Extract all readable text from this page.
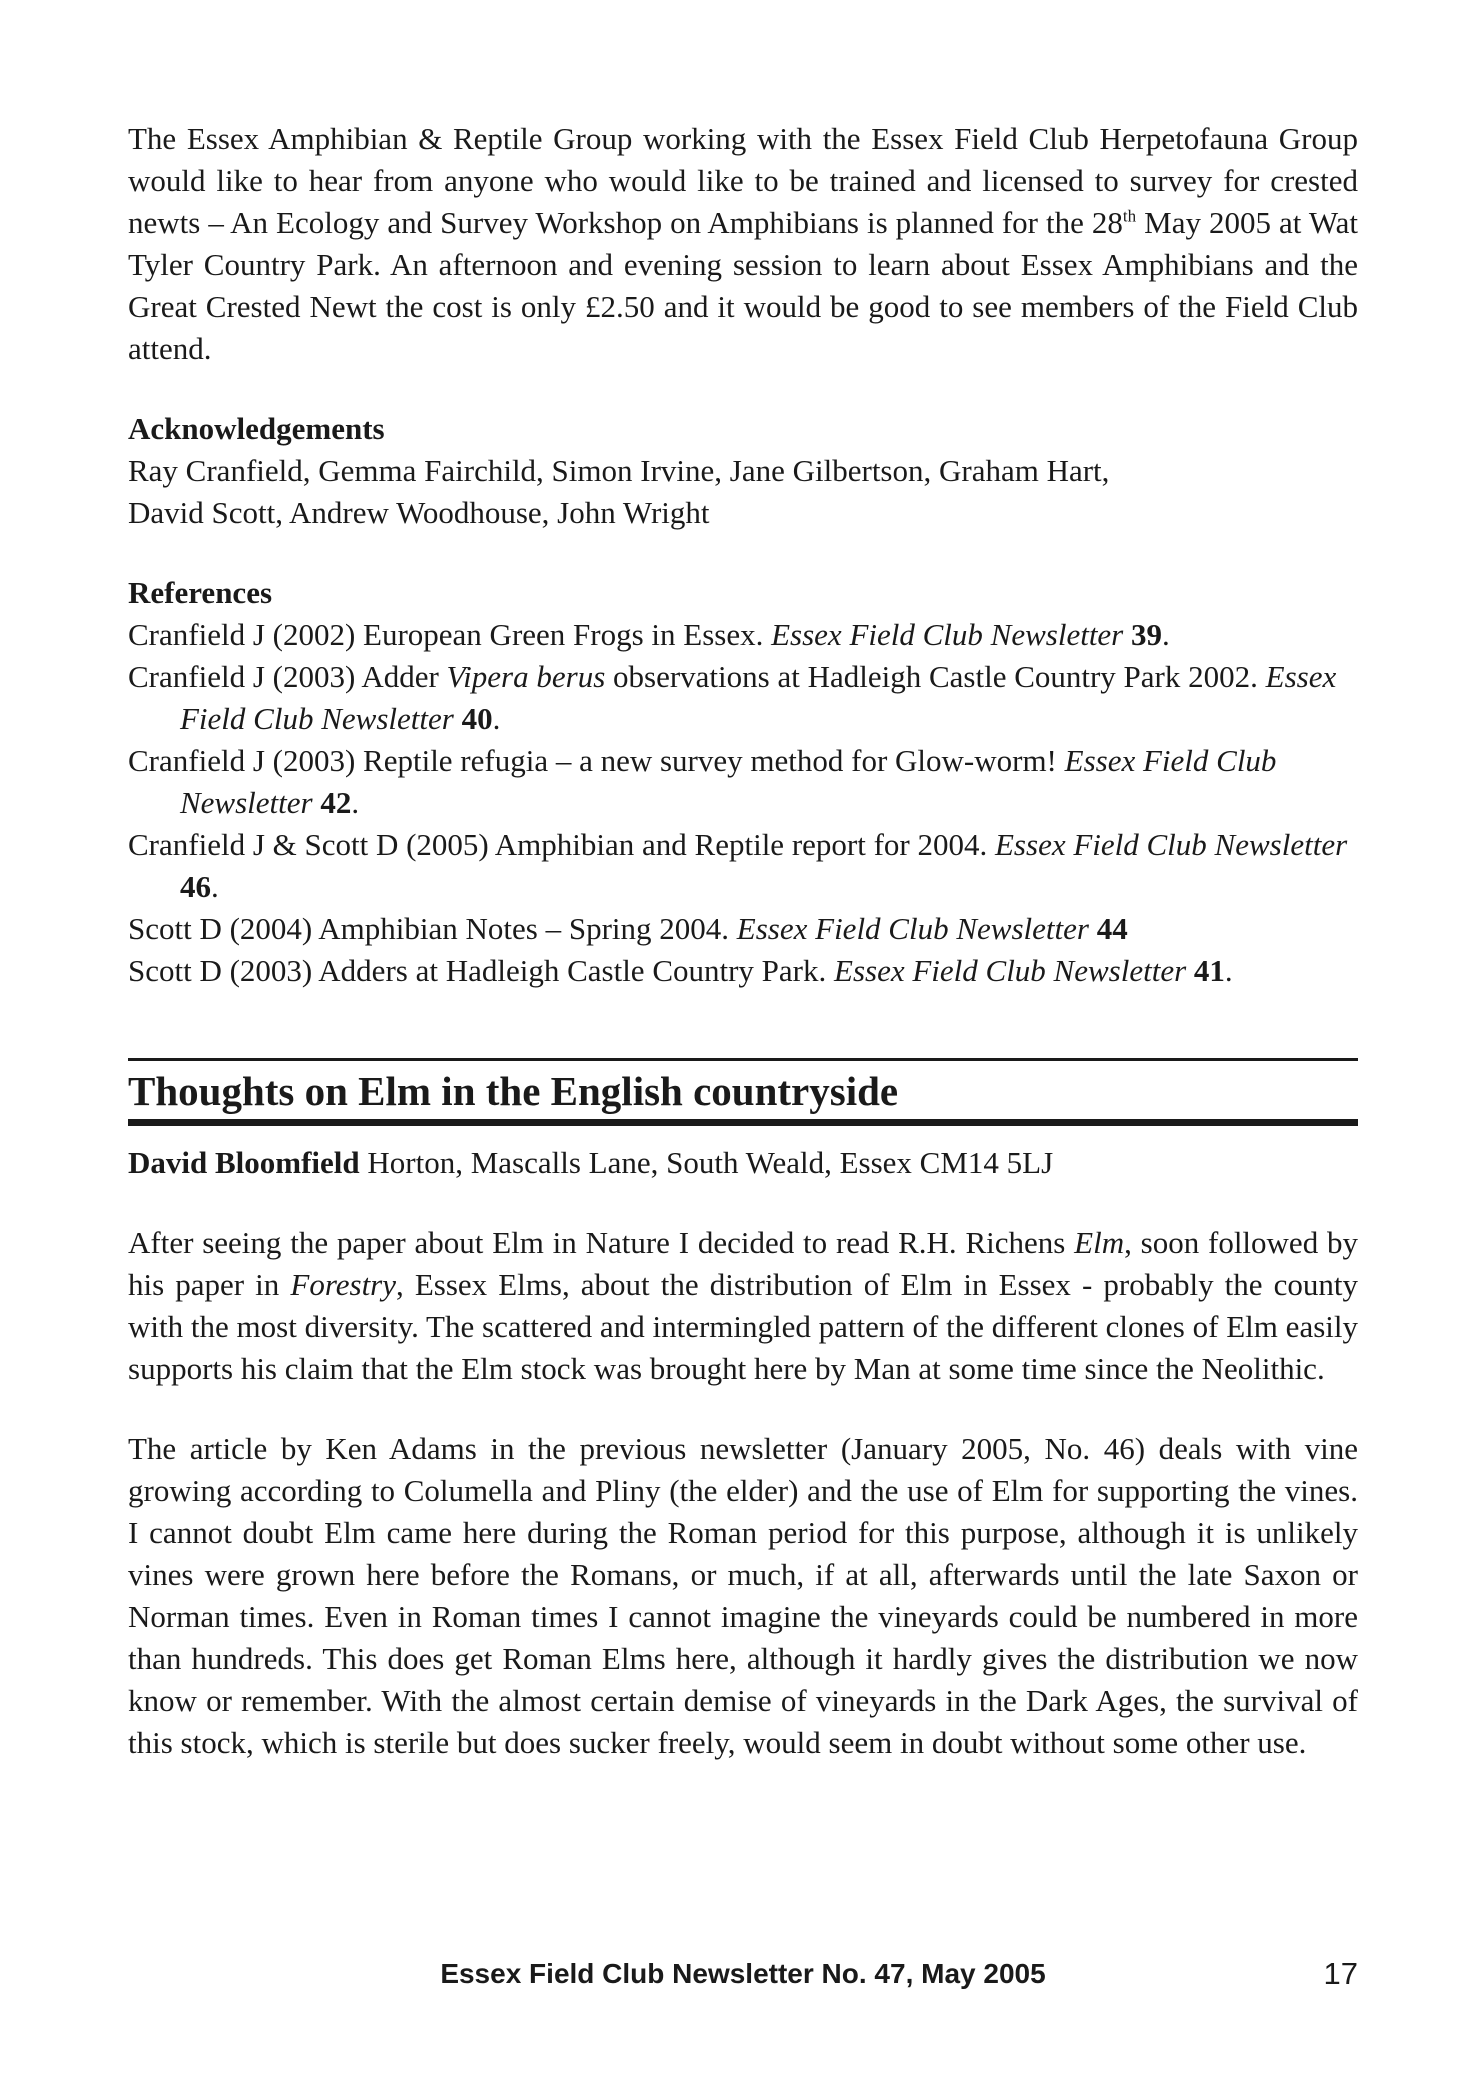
The Essex Amphibian & Reptile Group working with the Essex Field Club Herpetofauna Group would like to hear from anyone who would like to be trained and licensed to survey for crested newts – An Ecology and Survey Workshop on Amphibians is planned for the 28th May 2005 at Wat Tyler Country Park. An afternoon and evening session to learn about Essex Amphibians and the Great Crested Newt the cost is only £2.50 and it would be good to see members of the Field Club attend.

Acknowledgements
Ray Cranfield, Gemma Fairchild, Simon Irvine, Jane Gilbertson, Graham Hart,
David Scott, Andrew Woodhouse, John Wright
References

Cranfield J (2002) European Green Frogs in Essex. Essex Field Club Newsletter 39.

Cranfield J (2003) Adder Vipera berus observations at Hadleigh Castle Country Park 2002. Essex Field Club Newsletter 40.

Cranfield J (2003) Reptile refugia – a new survey method for Glow-worm! Essex Field Club Newsletter 42.

Cranfield J & Scott D (2005) Amphibian and Reptile report for 2004. Essex Field Club Newsletter 46.

Scott D (2004) Amphibian Notes – Spring 2004. Essex Field Club Newsletter 44

Scott D (2003) Adders at Hadleigh Castle Country Park. Essex Field Club Newsletter 41.

Thoughts on Elm in the English countryside
David Bloomfield Horton, Mascalls Lane, South Weald, Essex CM14 5LJ

After seeing the paper about Elm in Nature I decided to read R.H. Richens Elm, soon followed by his paper in Forestry, Essex Elms, about the distribution of Elm in Essex - probably the county with the most diversity. The scattered and intermingled pattern of the different clones of Elm easily supports his claim that the Elm stock was brought here by Man at some time since the Neolithic.

The article by Ken Adams in the previous newsletter (January 2005, No. 46) deals with vine growing according to Columella and Pliny (the elder) and the use of Elm for supporting the vines. I cannot doubt Elm came here during the Roman period for this purpose, although it is unlikely vines were grown here before the Romans, or much, if at all, afterwards until the late Saxon or Norman times. Even in Roman times I cannot imagine the vineyards could be numbered in more than hundreds. This does get Roman Elms here, although it hardly gives the distribution we now know or remember. With the almost certain demise of vineyards in the Dark Ages, the survival of this stock, which is sterile but does sucker freely, would seem in doubt without some other use.

Essex Field Club Newsletter No. 47, May 2005	17
